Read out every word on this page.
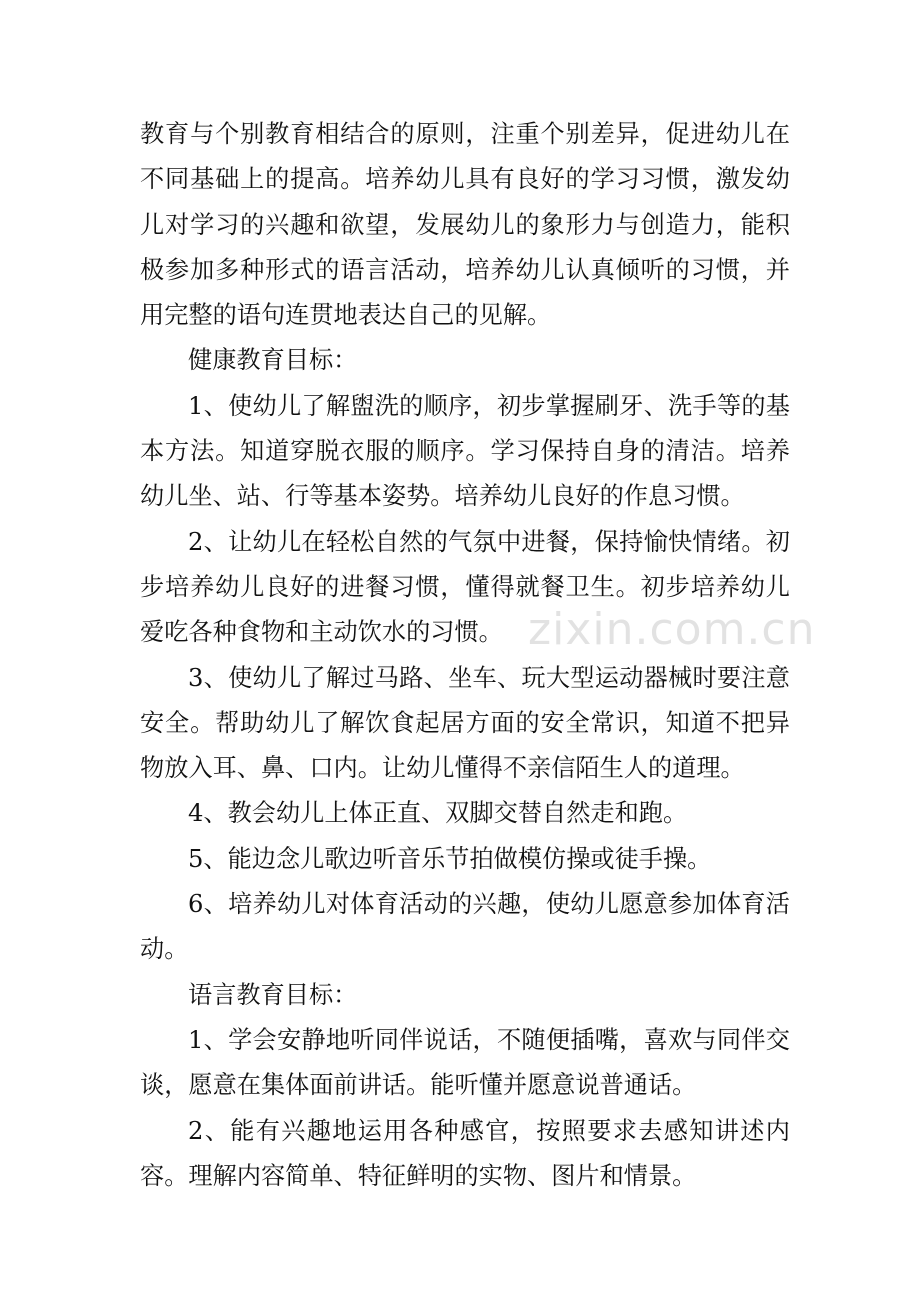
教育与个别教育相结合的原则，注重个别差异，促进幼儿在不同基础上的提高。培养幼儿具有良好的学习习惯，激发幼儿对学习的兴趣和欲望，发展幼儿的象形力与创造力，能积极参加多种形式的语言活动，培养幼儿认真倾听的习惯，并用完整的语句连贯地表达自己的见解。

健康教育目标：

1、使幼儿了解盥洗的顺序，初步掌握刷牙、洗手等的基本方法。知道穿脱衣服的顺序。学习保持自身的清洁。培养幼儿坐、站、行等基本姿势。培养幼儿良好的作息习惯。

2、让幼儿在轻松自然的气氛中进餐，保持愉快情绪。初步培养幼儿良好的进餐习惯，懂得就餐卫生。初步培养幼儿爱吃各种食物和主动饮水的习惯。

3、使幼儿了解过马路、坐车、玩大型运动器械时要注意安全。帮助幼儿了解饮食起居方面的安全常识，知道不把异物放入耳、鼻、口内。让幼儿懂得不亲信陌生人的道理。

4、教会幼儿上体正直、双脚交替自然走和跑。

5、能边念儿歌边听音乐节拍做模仿操或徒手操。

6、培养幼儿对体育活动的兴趣，使幼儿愿意参加体育活动。

语言教育目标：

1、学会安静地听同伴说话，不随便插嘴，喜欢与同伴交谈，愿意在集体面前讲话。能听懂并愿意说普通话。

2、能有兴趣地运用各种感官，按照要求去感知讲述内容。理解内容简单、特征鲜明的实物、图片和情景。

zixin.com.cn
